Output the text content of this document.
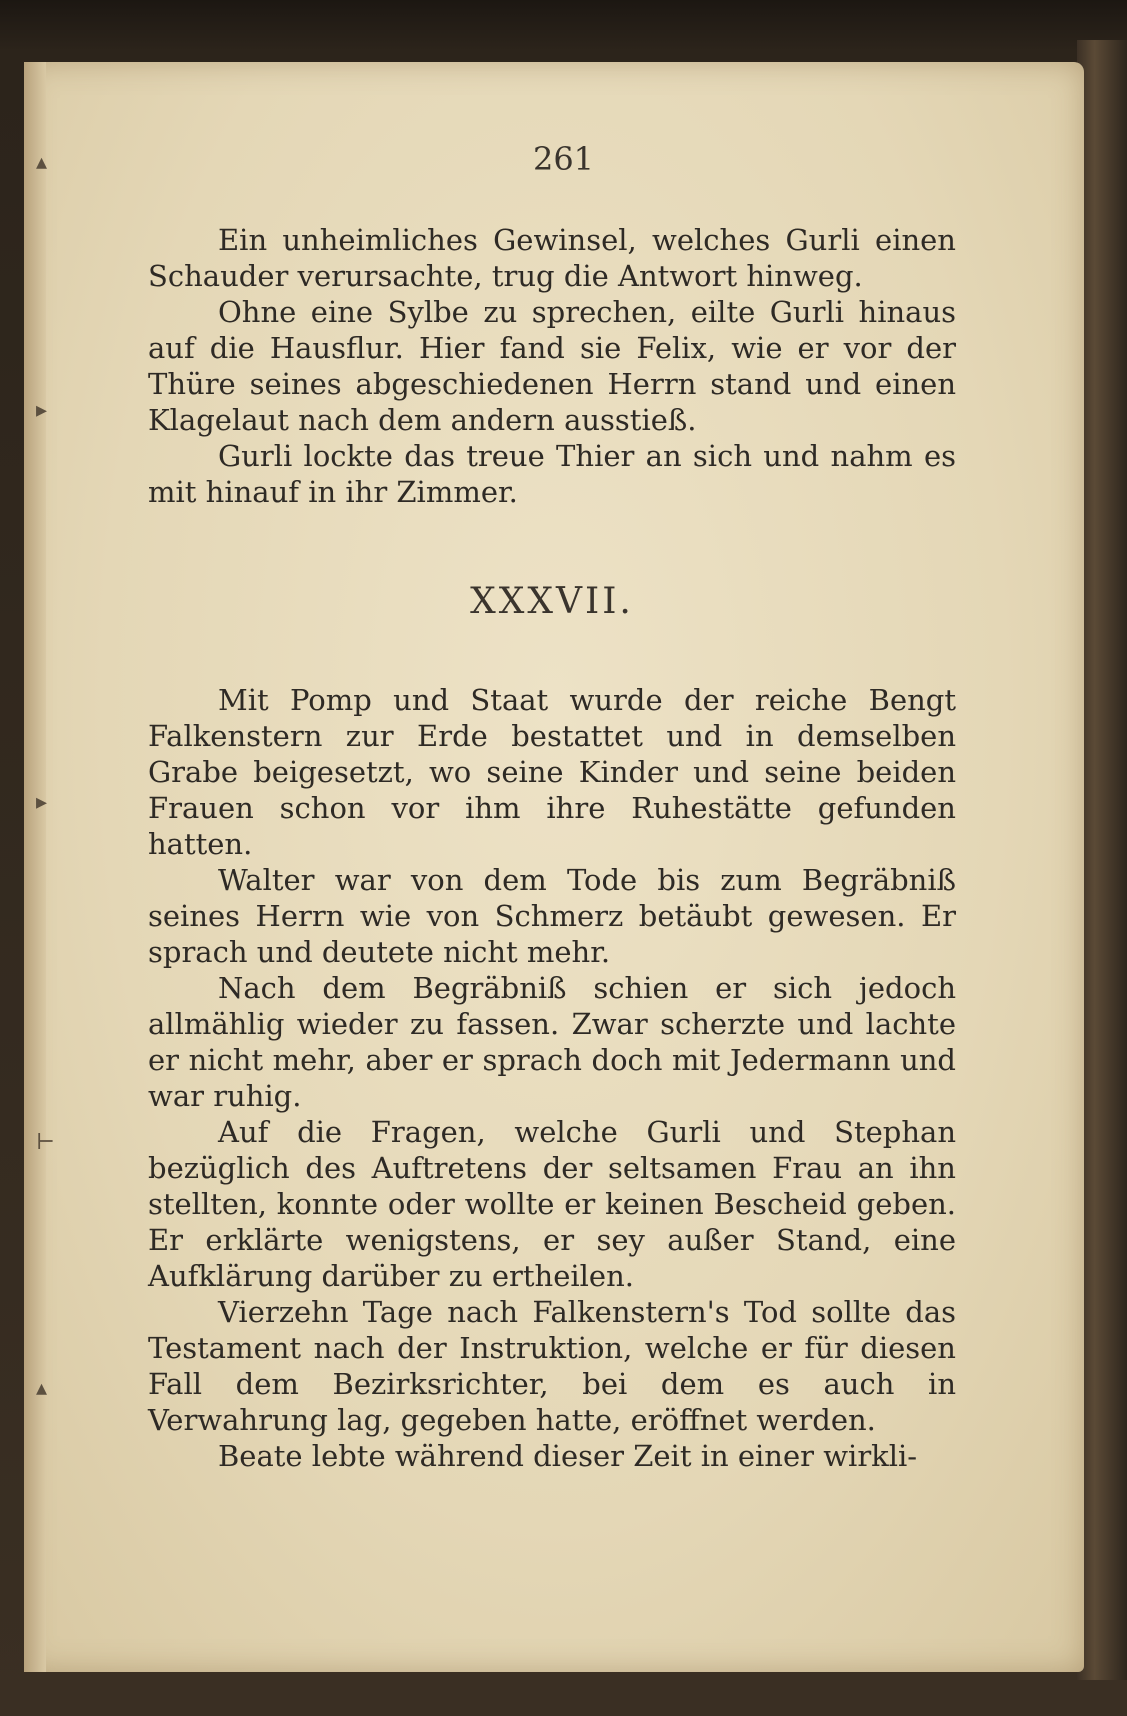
▴
▸
▸
⊢
▴
261

Ein unheimliches Gewinsel, welches Gurli einen Schauder verursachte, trug die Antwort hinweg.

Ohne eine Sylbe zu sprechen, eilte Gurli hinaus auf die Hausflur. Hier fand sie Felix, wie er vor der Thüre seines abgeschiedenen Herrn stand und einen Klagelaut nach dem andern ausstieß.

Gurli lockte das treue Thier an sich und nahm es mit hinauf in ihr Zimmer.

XXXVII.

Mit Pomp und Staat wurde der reiche Bengt Falkenstern zur Erde bestattet und in demselben Grabe beigesetzt, wo seine Kinder und seine beiden Frauen schon vor ihm ihre Ruhestätte gefunden hatten.

Walter war von dem Tode bis zum Begräbniß seines Herrn wie von Schmerz betäubt gewesen. Er sprach und deutete nicht mehr.

Nach dem Begräbniß schien er sich jedoch allmählig wieder zu fassen. Zwar scherzte und lachte er nicht mehr, aber er sprach doch mit Jedermann und war ruhig.

Auf die Fragen, welche Gurli und Stephan bezüglich des Auftretens der seltsamen Frau an ihn stellten, konnte oder wollte er keinen Bescheid geben. Er erklärte wenigstens, er sey außer Stand, eine Aufklärung darüber zu ertheilen.

Vierzehn Tage nach Falkenstern's Tod sollte das Testament nach der Instruktion, welche er für diesen Fall dem Bezirksrichter, bei dem es auch in Verwahrung lag, gegeben hatte, eröffnet werden.

Beate lebte während dieser Zeit in einer wirkli-
